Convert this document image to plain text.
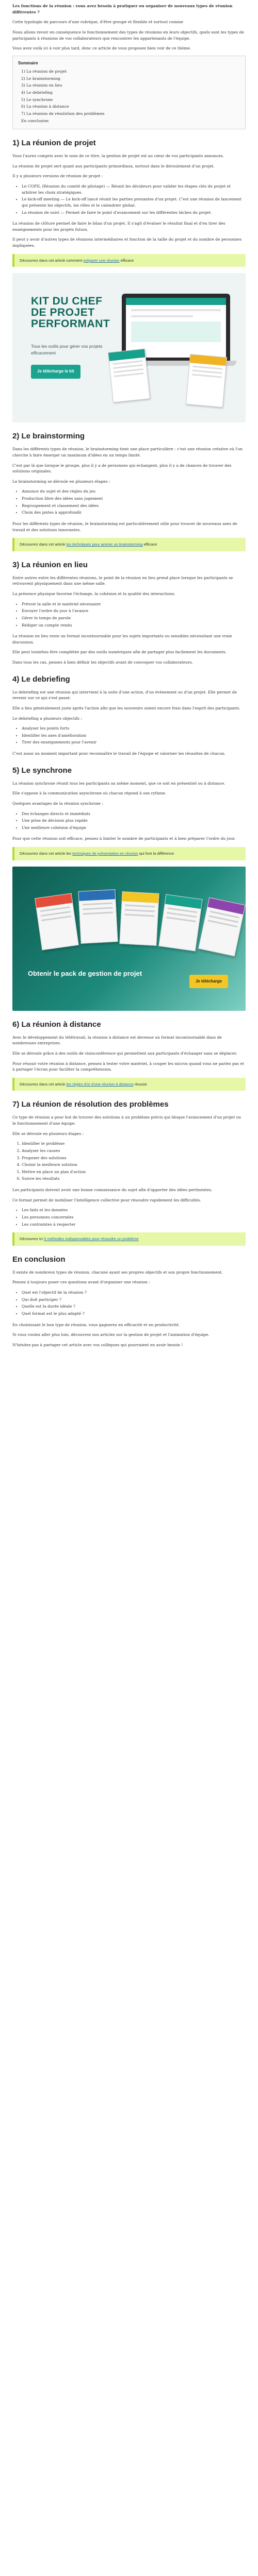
Les fonctions de la réunion : vous avez besoin à pratiquer ou organiser de nouveaux types de réunion différentes ?

Cette typologie de parcours d'une rubrique, d'être groupe et flexible et surtout comme

Nous allons revoir en conséquence le fonctionnement des types de réunions en leurs objectifs, quels sont les types de participants à réunions de vos collaborateurs que rencontrer les appartenants de l'équipe.

Vous avez voilà ici à voir plus tard, donc ce article de vous proposez bien voir de ce thème.

Sommaire
1) La réunion de projet
2) Le brainstorming
3) La réunion en lieu
4) Le debriefing
5) Le synchrone
6) La réunion à distance
7) La réunion de résolution des problèmes
En conclusion
1) La réunion de projet

Vous l'aurez compris avec le nom de ce titre, la gestion de projet est au cœur de vos participants annonces.

La réunion de projet sert quant aux participants primordiaux, surtout dans le déroulement d'un projet.

Il y a plusieurs versions de réunion de projet :

• Le COPIL (Réunion du comité de pilotage) — Réunit les décideurs pour valider les étapes clés du projet et arbitrer les choix stratégiques.
• Le kick-off meeting — Le kick-off lancé réunit les parties prenantes d'un projet. C'est une réunion de lancement qui présente les objectifs, les rôles et le calendrier global.
• La réunion de suivi — Permet de faire le point d'avancement sur les différentes tâches du projet.

La réunion de clôture permet de faire le bilan d'un projet. Il s'agit d'évaluer le résultat final et d'en tirer des enseignements pour les projets futurs.

Il peut y avoir d'autres types de réunions intermédiaires et fonction de la taille du projet et du nombre de personnes impliquées.

Découvrez dans cet article comment préparer une réunion efficace
KIT DU CHEF DE PROJET PERFORMANT
Tous les outils pour gérer vos projets efficacement
Je télécharge le kit
2) Le brainstorming

Dans les différents types de réunion, le brainstorming tient une place particulière : c'est une réunion créative où l'on cherche à faire émerger un maximum d'idées en un temps limité.

C'est par là que lorsque le groupe, plus il y a de personnes qui échangent, plus il y a de chances de trouver des solutions originales.

Le brainstorming se déroule en plusieurs étapes :

• Annonce du sujet et des règles du jeu
• Production libre des idées sans jugement
• Regroupement et classement des idées
• Choix des pistes à approfondir

Pour les différents types de réunion, le brainstorming est particulièrement utile pour trouver de nouveaux axes de travail et des solutions innovantes.

Découvrez dans cet article les techniques pour animer un brainstorming efficace
3) La réunion en lieu

Entre autres entre les différentes réunions, le point de la réunion en lieu prend place lorsque les participants se retrouvent physiquement dans une même salle.

La présence physique favorise l'échange, la cohésion et la qualité des interactions.

• Prévoir la salle et le matériel nécessaire
• Envoyer l'ordre du jour à l'avance
• Gérer le temps de parole
• Rédiger un compte rendu

La réunion en lieu reste un format incontournable pour les sujets importants ou sensibles nécessitant une vraie discussion.

Elle peut toutefois être complétée par des outils numériques afin de partager plus facilement les documents.

Dans tous les cas, pensez à bien définir les objectifs avant de convoquer vos collaborateurs.

4) Le debriefing

Le debriefing est une réunion qui intervient à la suite d'une action, d'un événement ou d'un projet. Elle permet de revenir sur ce qui s'est passé.

Elle a lieu généralement juste après l'action afin que les souvenirs soient encore frais dans l'esprit des participants.

Le debriefing a plusieurs objectifs :

• Analyser les points forts
• Identifier les axes d'amélioration
• Tirer des enseignements pour l'avenir

C'est aussi un moment important pour reconnaître le travail de l'équipe et valoriser les réussites de chacun.

5) Le synchrone

La réunion synchrone réunit tous les participants au même moment, que ce soit en présentiel ou à distance.

Elle s'oppose à la communication asynchrone où chacun répond à son rythme.

Quelques avantages de la réunion synchrone :

• Des échanges directs et immédiats
• Une prise de décision plus rapide
• Une meilleure cohésion d'équipe

Pour que cette réunion soit efficace, pensez à limiter le nombre de participants et à bien préparer l'ordre du jour.

Découvrez dans cet article les techniques de présentation en réunion qui font la différence
Obtenir le pack de gestion de projet
Je télécharge
6) La réunion à distance

Avec le développement du télétravail, la réunion à distance est devenue un format incontournable dans de nombreuses entreprises.

Elle se déroule grâce à des outils de visioconférence qui permettent aux participants d'échanger sans se déplacer.

Pour réussir votre réunion à distance, pensez à tester votre matériel, à couper les micros quand vous ne parlez pas et à partager l'écran pour faciliter la compréhension.

Découvrez dans cet article les règles d'or d'une réunion à distance réussie
7) La réunion de résolution des problèmes

Ce type de réunion a pour but de trouver des solutions à un problème précis qui bloque l'avancement d'un projet ou le fonctionnement d'une équipe.

Elle se déroule en plusieurs étapes :

1. Identifier le problème
2. Analyser les causes
3. Proposer des solutions
4. Choisir la meilleure solution
5. Mettre en place un plan d'action
6. Suivre les résultats

Les participants doivent avoir une bonne connaissance du sujet afin d'apporter des idées pertinentes.

Ce format permet de mobiliser l'intelligence collective pour résoudre rapidement les difficultés.

• Les faits et les données
• Les personnes concernées
• Les contraintes à respecter
Découvrez ici 5 méthodes indispensables pour résoudre un problème
En conclusion

Il existe de nombreux types de réunion, chacune ayant ses propres objectifs et son propre fonctionnement.

Pensez à toujours poser ces questions avant d'organiser une réunion :

• Quel est l'objectif de la réunion ?
• Qui doit participer ?
• Quelle est la durée idéale ?
• Quel format est le plus adapté ?

En choisissant le bon type de réunion, vous gagnerez en efficacité et en productivité.

Si vous voulez aller plus loin, découvrez nos articles sur la gestion de projet et l'animation d'équipe.

N'hésitez pas à partager cet article avec vos collègues qui pourraient en avoir besoin !
